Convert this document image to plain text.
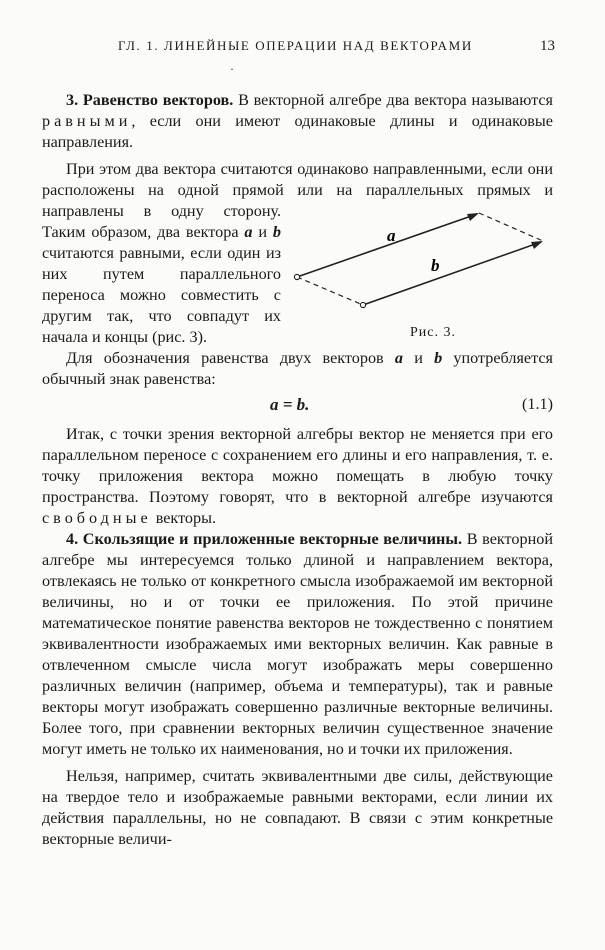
ГЛ. 1. ЛИНЕЙНЫЕ ОПЕРАЦИИ НАД ВЕКТОРАМИ	13
·

3. Равенство векторов. В векторной алгебре два вектора называются равными, если они имеют одинаковые длины и одинаковые направления.

При этом два вектора считаются одинаково направленными, если они расположены на одной прямой или на
a
b
Рис. 3.
параллельных прямых и направлены в одну сторону. Таким образом, два вектора a и b считаются равными, если один из них путем параллельного переноса можно совместить с другим так, что совпадут их начала и концы (рис. 3).

Для обозначения равенства двух векторов a и b употребляется обычный знак равенства:

a = b.	(1.1)

Итак, с точки зрения векторной алгебры вектор не меняется при его параллельном переносе с сохранением его длины и его направления, т. е. точку приложения вектора можно помещать в любую точку пространства. Поэтому говорят, что в векторной алгебре изучаются свободные векторы.

4. Скользящие и приложенные векторные величины. В векторной алгебре мы интересуемся только длиной и направлением вектора, отвлекаясь не только от конкретного смысла изображаемой им векторной величины, но и от точки ее приложения. По этой причине математическое понятие равенства векторов не тождественно с понятием эквивалентности изображаемых ими векторных величин. Как равные в отвлеченном смысле числа могут изображать меры совершенно различных величин (например, объема и температуры), так и равные векторы могут изображать совершенно различные векторные величины. Более того, при сравнении векторных величин существенное значение могут иметь не только их наименования, но и точки их приложения.

Нельзя, например, считать эквивалентными две силы, действующие на твердое тело и изображаемые равными векторами, если линии их действия параллельны, но не совпадают. В связи с этим конкретные векторные величи-
